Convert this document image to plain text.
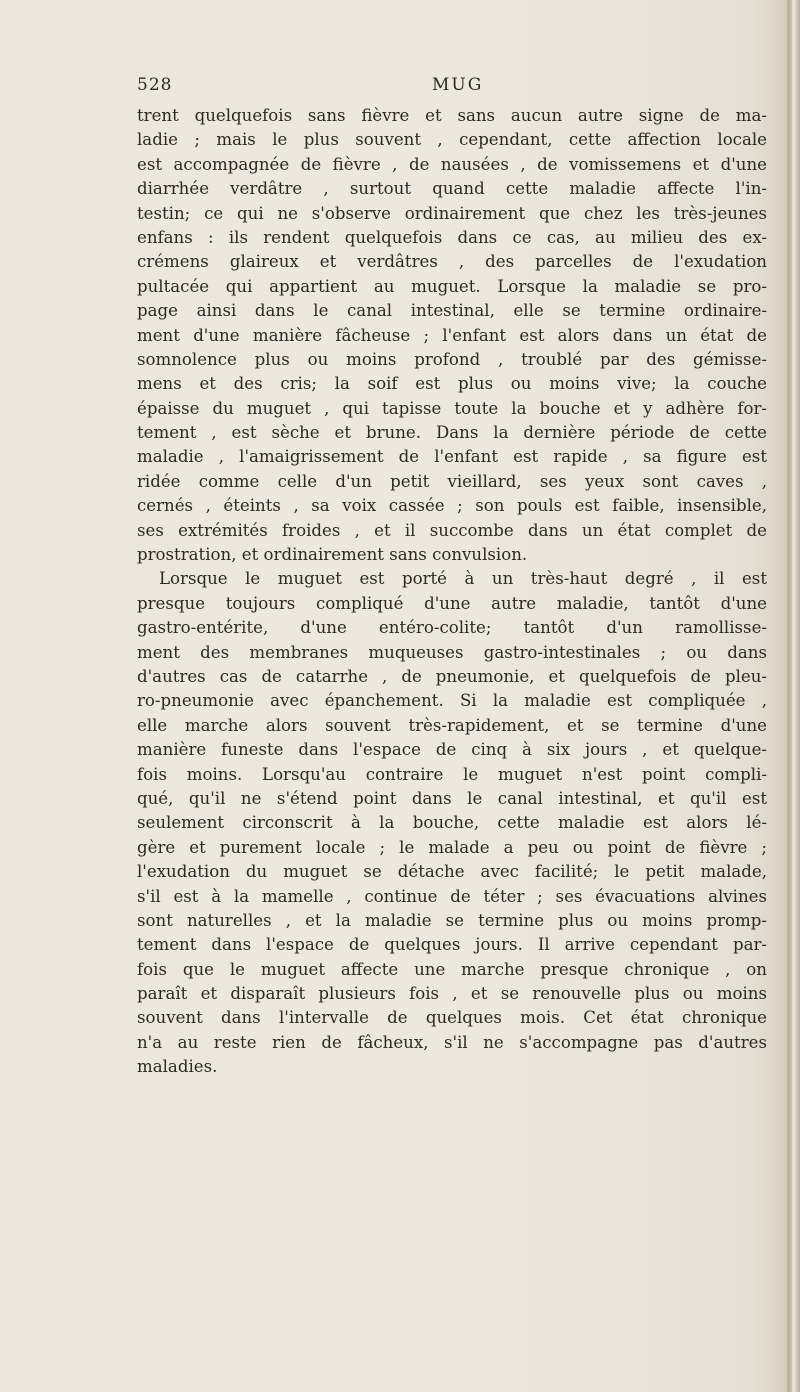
528	MUG
trent quelquefois sans fièvre et sans aucun autre signe de ma-
ladie ; mais le plus souvent , cependant, cette affection locale
est accompagnée de fièvre , de nausées , de vomissemens et d'une
diarrhée verdâtre , surtout quand cette maladie affecte l'in-
testin; ce qui ne s'observe ordinairement que chez les très-jeunes
enfans : ils rendent quelquefois dans ce cas, au milieu des ex-
crémens glaireux et verdâtres , des parcelles de l'exudation
pultacée qui appartient au muguet. Lorsque la maladie se pro-
page ainsi dans le canal intestinal, elle se termine ordinaire-
ment d'une manière fâcheuse ; l'enfant est alors dans un état de
somnolence plus ou moins profond , troublé par des gémisse-
mens et des cris; la soif est plus ou moins vive; la couche
épaisse du muguet , qui tapisse toute la bouche et y adhère for-
tement , est sèche et brune. Dans la dernière période de cette
maladie , l'amaigrissement de l'enfant est rapide , sa figure est
ridée comme celle d'un petit vieillard, ses yeux sont caves ,
cernés , éteints , sa voix cassée ; son pouls est faible, insensible,
ses extrémités froides , et il succombe dans un état complet de
prostration, et ordinairement sans convulsion.
Lorsque le muguet est porté à un très-haut degré , il est
presque toujours compliqué d'une autre maladie, tantôt d'une
gastro-entérite, d'une entéro-colite; tantôt d'un ramollisse-
ment des membranes muqueuses gastro-intestinales ; ou dans
d'autres cas de catarrhe , de pneumonie, et quelquefois de pleu-
ro-pneumonie avec épanchement. Si la maladie est compliquée ,
elle marche alors souvent très-rapidement, et se termine d'une
manière funeste dans l'espace de cinq à six jours , et quelque-
fois moins. Lorsqu'au contraire le muguet n'est point compli-
qué, qu'il ne s'étend point dans le canal intestinal, et qu'il est
seulement circonscrit à la bouche, cette maladie est alors lé-
gère et purement locale ; le malade a peu ou point de fièvre ;
l'exudation du muguet se détache avec facilité; le petit malade,
s'il est à la mamelle , continue de téter ; ses évacuations alvines
sont naturelles , et la maladie se termine plus ou moins promp-
tement dans l'espace de quelques jours. Il arrive cependant par-
fois que le muguet affecte une marche presque chronique , on
paraît et disparaît plusieurs fois , et se renouvelle plus ou moins
souvent dans l'intervalle de quelques mois. Cet état chronique
n'a au reste rien de fâcheux, s'il ne s'accompagne pas d'autres
maladies.
